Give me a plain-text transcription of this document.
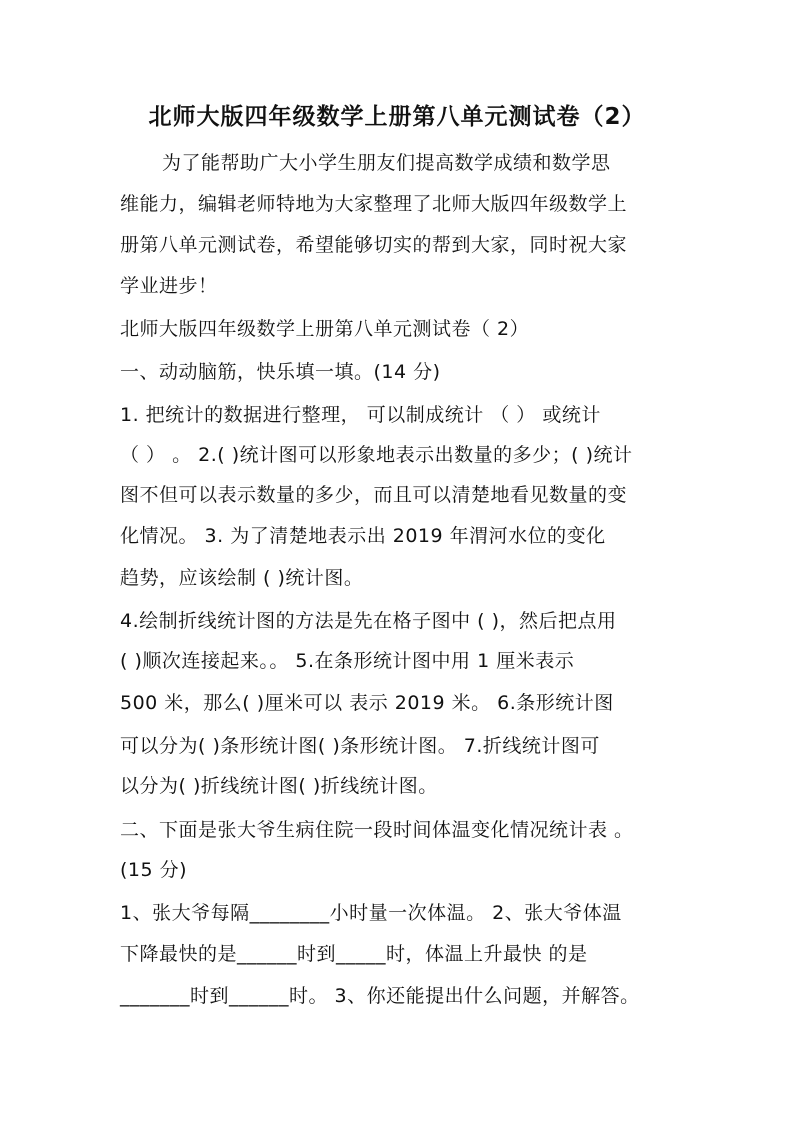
北师大版四年级数学上册第八单元测试卷（2）
为了能帮助广大小学生朋友们提高数学成绩和数学思
维能力，编辑老师特地为大家整理了北师大版四年级数学上
册第八单元测试卷，希望能够切实的帮到大家，同时祝大家
学业进步！
北师大版四年级数学上册第八单元测试卷（ 2）
一、动动脑筋，快乐填一填。(14 分)
1. 把统计的数据进行整理， 可以制成统计 （ ） 或统计
（ ） 。 2.( )统计图可以形象地表示出数量的多少；( )统计
图不但可以表示数量的多少，而且可以清楚地看见数量的变
化情况。 3. 为了清楚地表示出 2019 年渭河水位的变化
趋势，应该绘制 ( )统计图。
4.绘制折线统计图的方法是先在格子图中 ( )，然后把点用
( )顺次连接起来。。 5.在条形统计图中用 1 厘米表示
500 米，那么( )厘米可以 表示 2019 米。 6.条形统计图
可以分为( )条形统计图( )条形统计图。 7.折线统计图可
以分为( )折线统计图( )折线统计图。
二、下面是张大爷生病住院一段时间体温变化情况统计表 。
(15 分)
1、张大爷每隔________小时量一次体温。 2、张大爷体温
下降最快的是______时到_____时，体温上升最快 的是
_______时到______时。 3、你还能提出什么问题，并解答。
